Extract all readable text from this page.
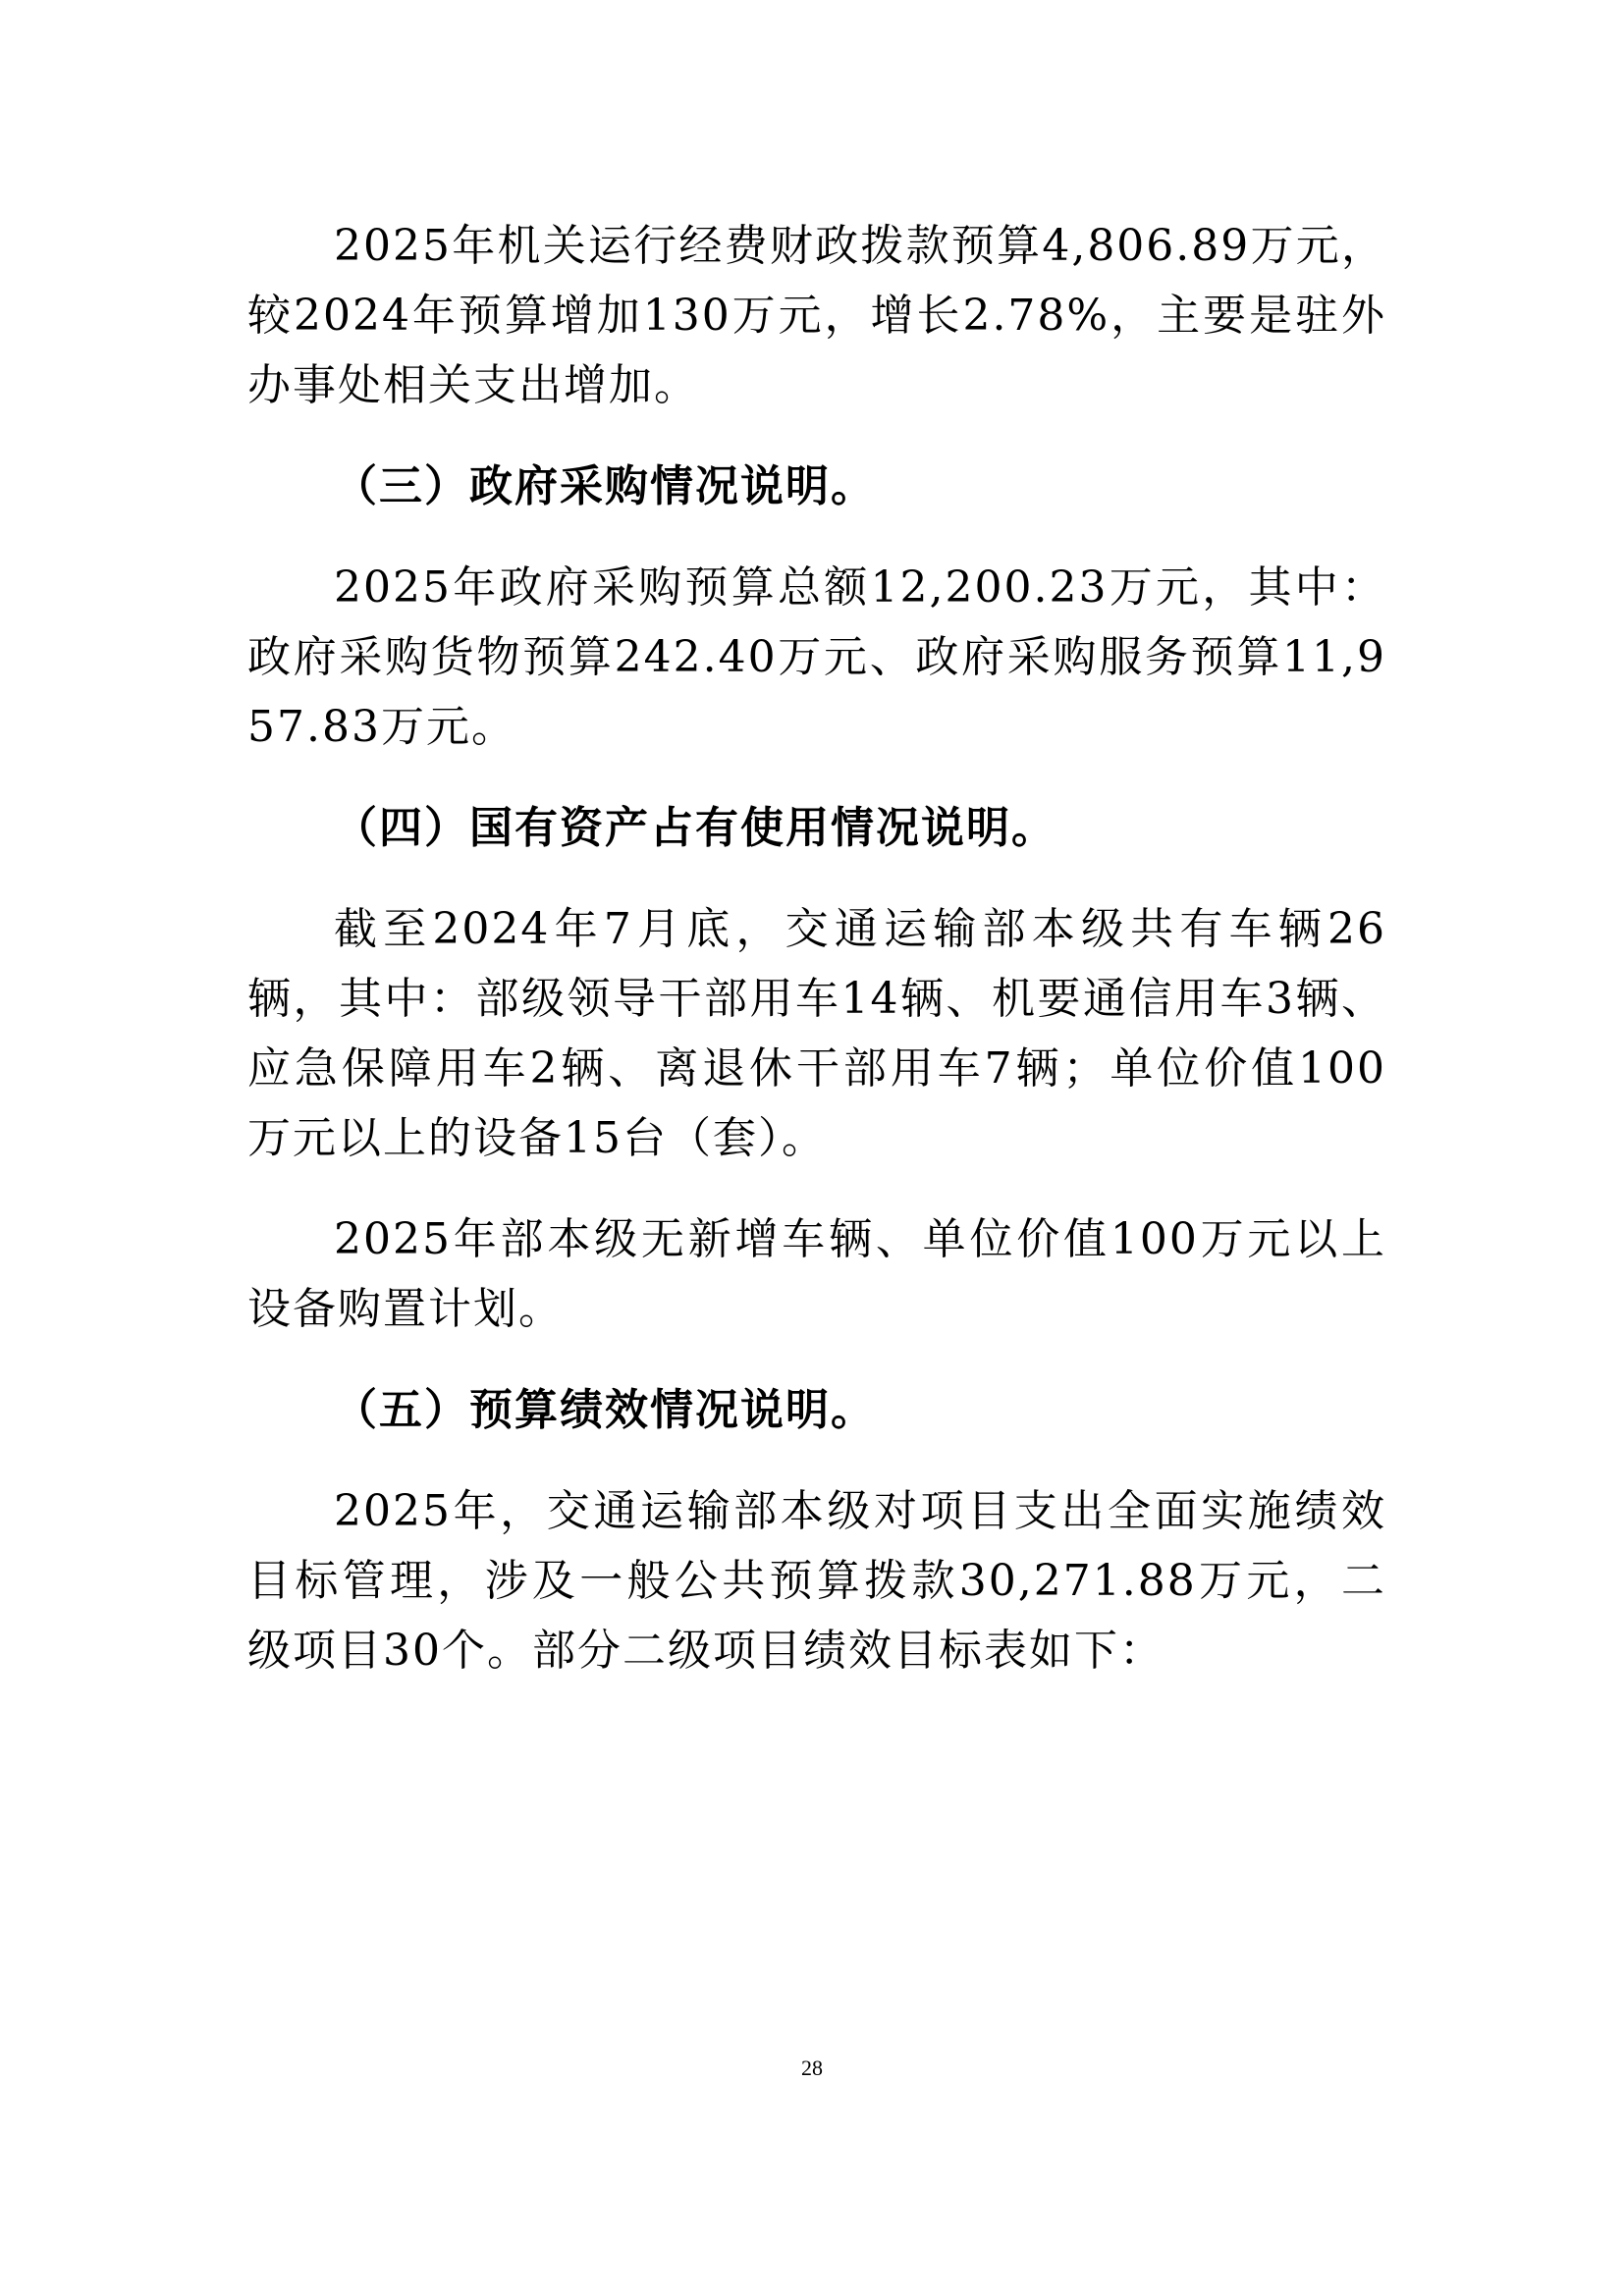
2025年机关运行经费财政拨款预算4,806.89万元，较2024年预算增加130万元，增长2.78%，主要是驻外办事处相关支出增加。

（三）政府采购情况说明。

2025年政府采购预算总额12,200.23万元，其中：政府采购货物预算242.40万元、政府采购服务预算11,957.83万元。

（四）国有资产占有使用情况说明。

截至2024年7月底，交通运输部本级共有车辆26辆，其中：部级领导干部用车14辆、机要通信用车3辆、应急保障用车2辆、离退休干部用车7辆；单位价值100万元以上的设备15台（套）。

2025年部本级无新增车辆、单位价值100万元以上设备购置计划。

（五）预算绩效情况说明。

2025年，交通运输部本级对项目支出全面实施绩效目标管理，涉及一般公共预算拨款30,271.88万元，二级项目30个。部分二级项目绩效目标表如下：

28
